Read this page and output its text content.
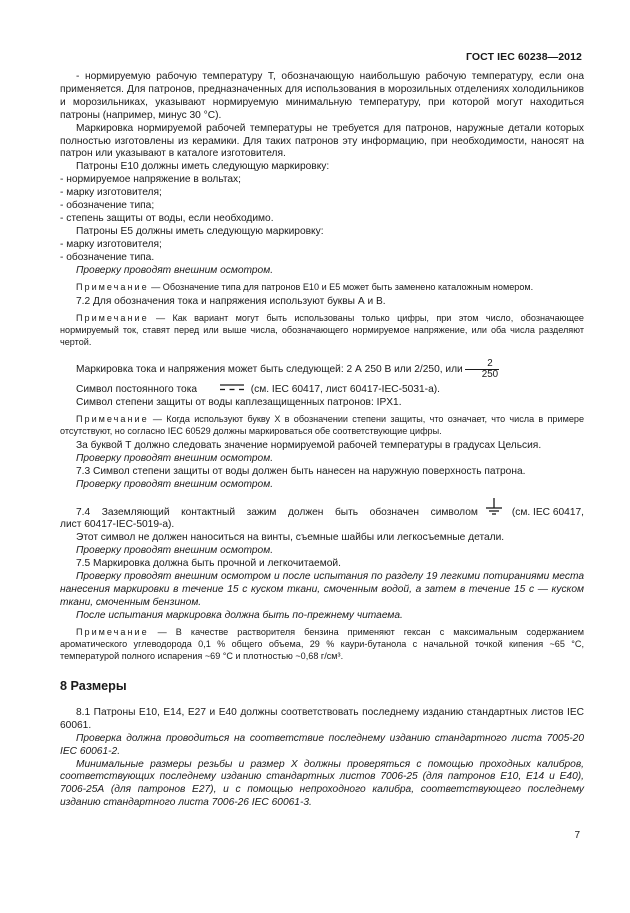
ГОСТ IEC 60238—2012

- нормируемую рабочую температуру T, обозначающую наибольшую рабочую температуру, если она применяется. Для патронов, предназначенных для использования в морозильных отделениях холодильников и морозильниках, указывают нормируемую минимальную температуру, при которой могут находиться патроны (например, минус 30 °С).

Маркировка нормируемой рабочей температуры не требуется для патронов, наружные детали которых полностью изготовлены из керамики. Для таких патронов эту информацию, при необходимости, наносят на патрон или указывают в каталоге изготовителя.

Патроны Е10 должны иметь следующую маркировку:

- нормируемое напряжение в вольтах;

- марку изготовителя;

- обозначение типа;

- степень защиты от воды, если необходимо.

Патроны Е5 должны иметь следующую маркировку:

- марку изготовителя;

- обозначение типа.

Проверку проводят внешним осмотром.

Примечание — Обозначение типа для патронов Е10 и Е5 может быть заменено каталожным номером.

7.2 Для обозначения тока и напряжения используют буквы А и В.

Примечание — Как вариант могут быть использованы только цифры, при этом число, обозначающее нормируемый ток, ставят перед или выше числа, обозначающего нормируемое напряжение, или оба числа разделяют чертой.

Маркировка тока и напряжения может быть следующей: 2 А 250 В или 2/250, или $\frac{2}{250}$

Символ постоянного тока	(см. IEC 60417, лист 60417-IEC-5031-а).

Символ степени защиты от воды каплезащищенных патронов: IPX1.

Примечание — Когда используют букву X в обозначении степени защиты, что означает, что числа в примере отсутствуют, но согласно IEC 60529 должны маркироваться обе соответствующие цифры.

За буквой Т должно следовать значение нормируемой рабочей температуры в градусах Цельсия.

Проверку проводят внешним осмотром.

7.3 Символ степени защиты от воды должен быть нанесен на наружную поверхность патрона.

Проверку проводят внешним осмотром.

7.4 Заземляющий контактный зажим должен быть обозначен символом	(см. IEC 60417,

лист 60417-IEC-5019-а).

Этот символ не должен наноситься на винты, съемные шайбы или легкосъемные детали.

Проверку проводят внешним осмотром.

7.5 Маркировка должна быть прочной и легкочитаемой.

Проверку проводят внешним осмотром и после испытания по разделу 19 легкими потираниями места нанесения маркировки в течение 15 с куском ткани, смоченным водой, а затем в течение 15 с — куском ткани, смоченным бензином.

После испытания маркировка должна быть по-прежнему читаема.

Примечание — В качестве растворителя бензина применяют гексан с максимальным содержанием ароматического углеводорода 0,1 % общего объема, 29 % каури-бутанола с начальной точкой кипения ~65 °С, температурой полного испарения ~69 °С и плотностью ~0,68 г/см³.

8 Размеры

8.1 Патроны Е10, Е14, Е27 и Е40 должны соответствовать последнему изданию стандартных листов IEC 60061.

Проверка должна проводиться на соответствие последнему изданию стандартного листа 7005-20 IEC 60061-2.

Минимальные размеры резьбы и размер X должны проверяться с помощью проходных калибров, соответствующих последнему изданию стандартных листов 7006-25 (для патронов Е10, Е14 и Е40), 7006-25А (для патронов Е27), и с помощью непроходного калибра, соответствующего последнему изданию стандартного листа 7006-26 IEC 60061-3.

7
